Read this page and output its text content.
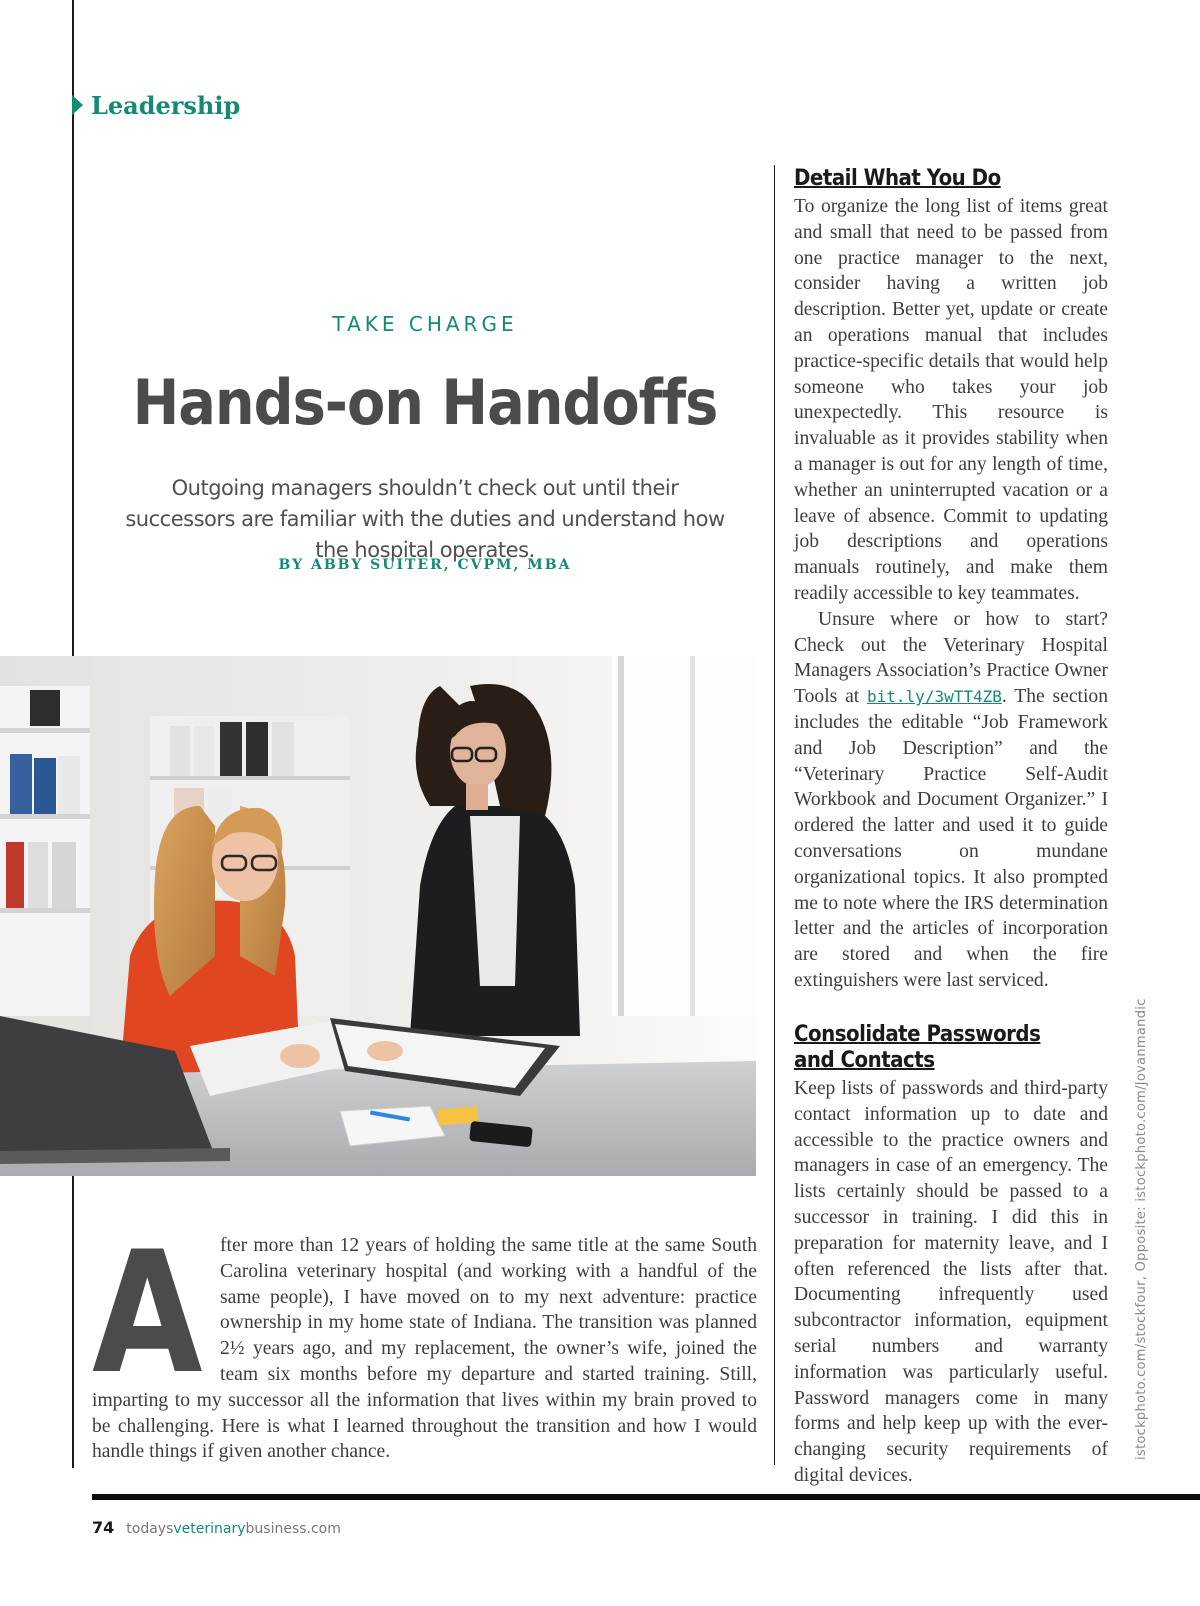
Leadership
TAKE CHARGE
Hands-on Handoffs
Outgoing managers shouldn’t check out until their successors are familiar with the duties and understand how the hospital operates.
BY ABBY SUITER, CVPM, MBA
After more than 12 years of holding the same title at the same South Carolina veterinary hospital (and working with a handful of the same people), I have moved on to my next adventure: practice ownership in my home state of Indiana. The transition was planned 2½ years ago, and my replacement, the owner’s wife, joined the team six months before my departure and started training. Still, imparting to my successor all the information that lives within my brain proved to be challenging. Here is what I learned throughout the transition and how I would handle things if given another chance.
Detail What You Do

To organize the long list of items great and small that need to be passed from one practice manager to the next, consider having a written job description. Better yet, update or create an operations manual that includes practice-specific details that would help someone who takes your job unexpectedly. This resource is invaluable as it provides stability when a manager is out for any length of time, whether an uninterrupted vacation or a leave of absence. Commit to updating job descriptions and operations manuals routinely, and make them readily accessible to key teammates.

Unsure where or how to start? Check out the Veterinary Hospital Managers Association’s Practice Owner Tools at bit.ly/3wTT4ZB. The section includes the editable “Job Framework and Job Description” and the “Veterinary Practice Self-Audit Workbook and Document Organizer.” I ordered the latter and used it to guide conversations on mundane organizational topics. It also prompted me to note where the IRS determination letter and the articles of incorporation are stored and when the fire extinguishers were last serviced.

Consolidate Passwords
and Contacts

Keep lists of passwords and third-party contact information up to date and accessible to the practice owners and managers in case of an emergency. The lists certainly should be passed to a successor in training. I did this in preparation for maternity leave, and I often referenced the lists after that. Documenting infrequently used subcontractor information, equipment serial numbers and warranty information was particularly useful. Password managers come in many forms and help keep up with the ever-changing security requirements of digital devices.

istockphoto.com/stockfour, Opposite: istockphoto.com/Jovanmandic
74 todaysveterinarybusiness.com
